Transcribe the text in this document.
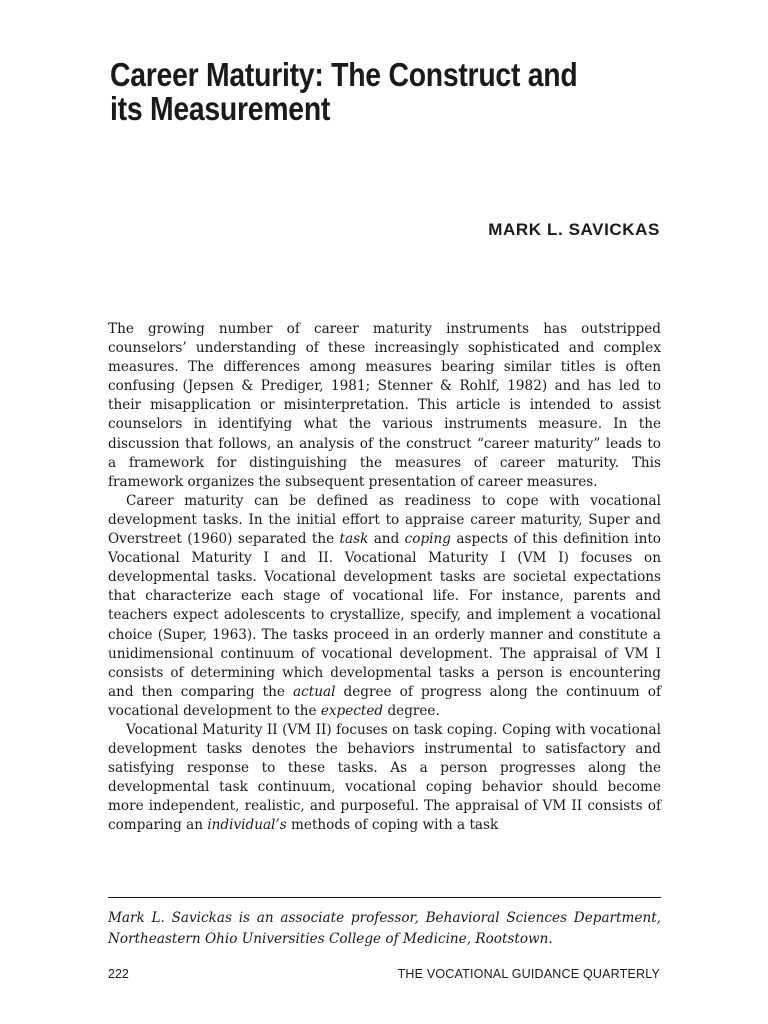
Career Maturity: The Construct and its Measurement

MARK L. SAVICKAS

The growing number of career maturity instruments has outstripped counselors’ understanding of these increasingly sophisticated and complex measures. The differences among measures bearing similar titles is often confusing (Jepsen & Prediger, 1981; Stenner & Rohlf, 1982) and has led to their misapplication or misinterpretation. This article is intended to assist counselors in identifying what the various instruments measure. In the discussion that follows, an analysis of the construct “career maturity” leads to a framework for distinguishing the measures of career maturity. This framework organizes the subsequent presentation of career measures.

Career maturity can be defined as readiness to cope with vocational development tasks. In the initial effort to appraise career maturity, Super and Overstreet (1960) separated the task and coping aspects of this definition into Vocational Maturity I and II. Vocational Maturity I (VM I) focuses on developmental tasks. Vocational development tasks are societal expectations that characterize each stage of vocational life. For instance, parents and teachers expect adolescents to crystallize, specify, and implement a vocational choice (Super, 1963). The tasks proceed in an orderly manner and constitute a unidimensional continuum of vocational development. The appraisal of VM I consists of determining which developmental tasks a person is encountering and then comparing the actual degree of progress along the continuum of vocational development to the expected degree.

Vocational Maturity II (VM II) focuses on task coping. Coping with vocational development tasks denotes the behaviors instrumental to satisfactory and satisfying response to these tasks. As a person progresses along the developmental task continuum, vocational coping behavior should become more independent, realistic, and purposeful. The appraisal of VM II consists of comparing an individual’s methods of coping with a task

Mark L. Savickas is an associate professor, Behavioral Sciences Department, Northeastern Ohio Universities College of Medicine, Rootstown.

222	THE VOCATIONAL GUIDANCE QUARTERLY
